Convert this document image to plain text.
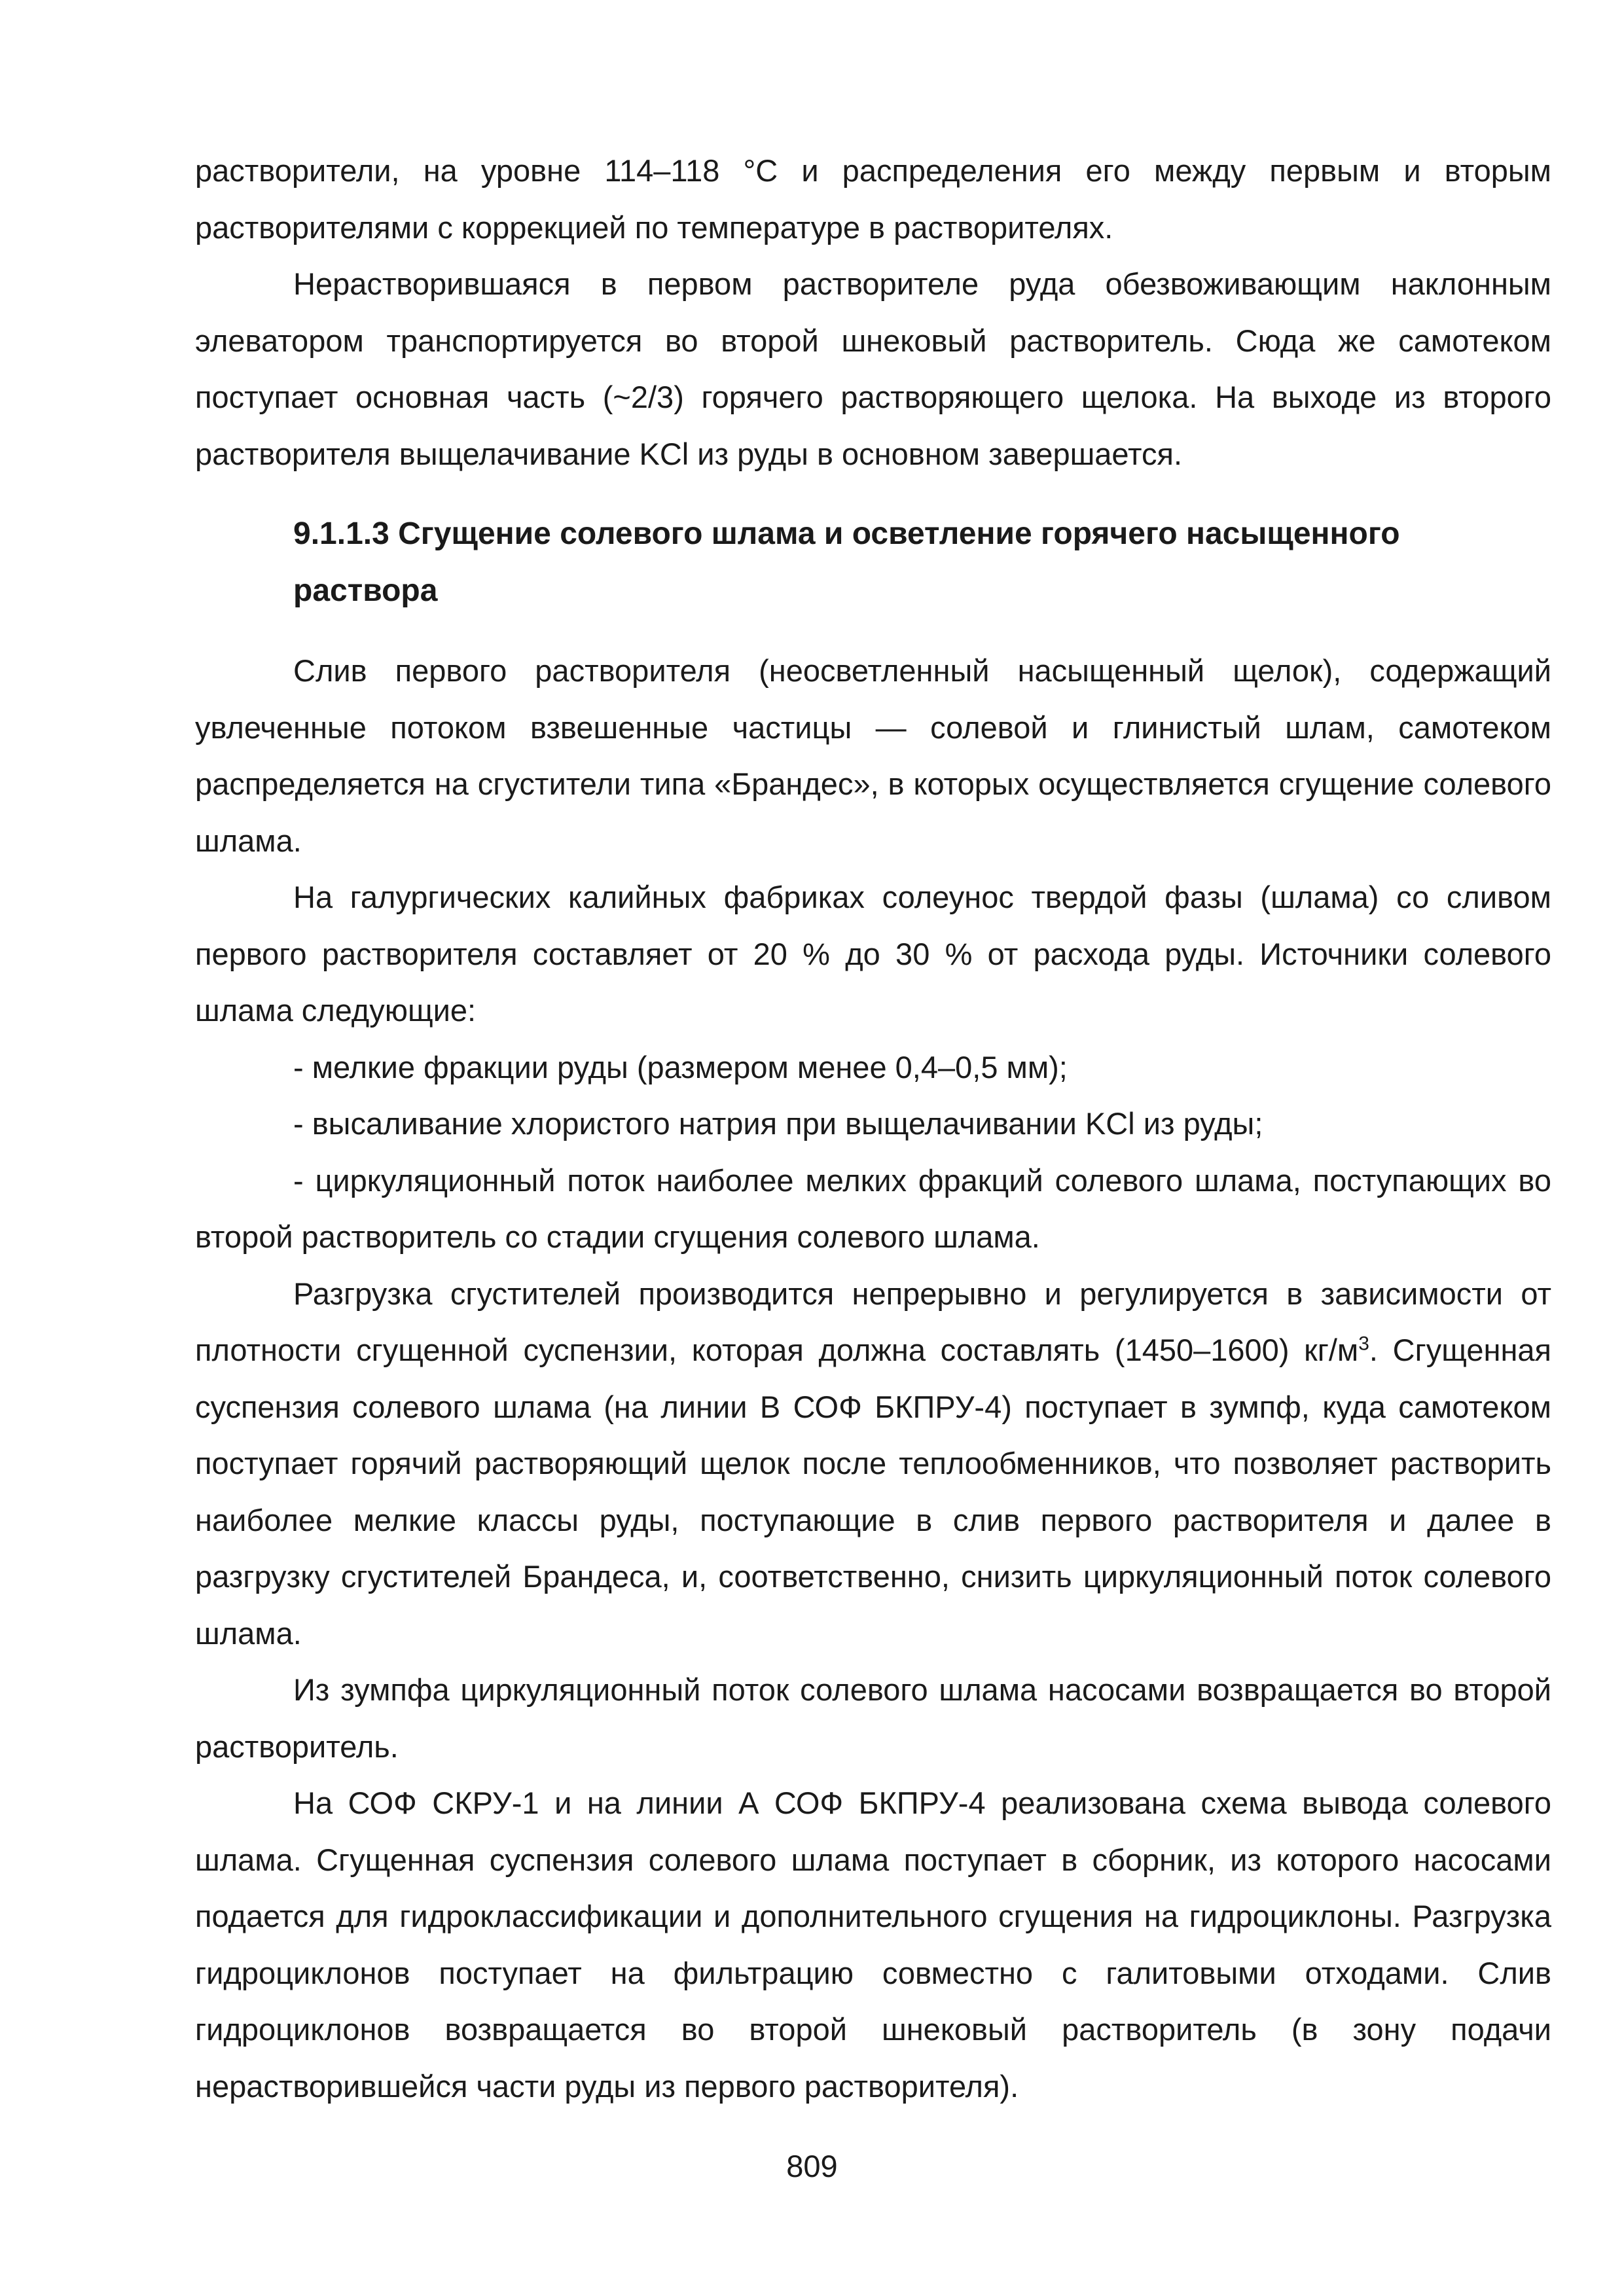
растворители, на уровне 114–118 °С и распределения его между первым и вторым растворителями с коррекцией по температуре в растворителях.

Нерастворившаяся в первом растворителе руда обезвоживающим наклонным элеватором транспортируется во второй шнековый растворитель. Сюда же самотеком поступает основная часть (~2/3) горячего растворяющего щелока. На выходе из второго растворителя выщелачивание KCl из руды в основном завершается.

9.1.1.3 Сгущение солевого шлама и осветление горячего насыщенного раствора

Слив первого растворителя (неосветленный насыщенный щелок), содержащий увлеченные потоком взвешенные частицы — солевой и глинистый шлам, самотеком распределяется на сгустители типа «Брандес», в которых осуществляется сгущение солевого шлама.

На галургических калийных фабриках солеунос твердой фазы (шлама) со сливом первого растворителя составляет от 20 % до 30 % от расхода руды. Источники солевого шлама следующие:

- мелкие фракции руды (размером менее 0,4–0,5 мм);

- высаливание хлористого натрия при выщелачивании KCl из руды;

- циркуляционный поток наиболее мелких фракций солевого шлама, поступающих во второй растворитель со стадии сгущения солевого шлама.

Разгрузка сгустителей производится непрерывно и регулируется в зависимости от плотности сгущенной суспензии, которая должна составлять (1450–1600) $кг/м^3$. Сгущенная суспензия солевого шлама (на линии В СОФ БКПРУ-4) поступает в зумпф, куда самотеком поступает горячий растворяющий щелок после теплообменников, что позволяет растворить наиболее мелкие классы руды, поступающие в слив первого растворителя и далее в разгрузку сгустителей Брандеса, и, соответственно, снизить циркуляционный поток солевого шлама.

Из зумпфа циркуляционный поток солевого шлама насосами возвращается во второй растворитель.

На СОФ СКРУ-1 и на линии А СОФ БКПРУ-4 реализована схема вывода солевого шлама. Сгущенная суспензия солевого шлама поступает в сборник, из которого насосами подается для гидроклассификации и дополнительного сгущения на гидроциклоны. Разгрузка гидроциклонов поступает на фильтрацию совместно с галитовыми отходами. Слив гидроциклонов возвращается во второй шнековый растворитель (в зону подачи нерастворившейся части руды из первого растворителя).

809
